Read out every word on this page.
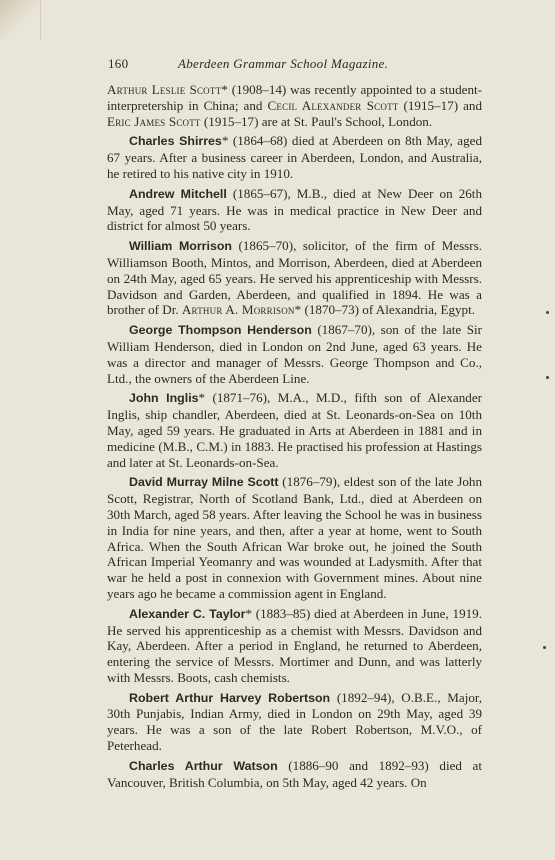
160	Aberdeen Grammar School Magazine.

Arthur Leslie Scott* (1908–14) was recently appointed to a student-interpretership in China; and Cecil Alexander Scott (1915–17) and Eric James Scott (1915–17) are at St. Paul's School, London.

Charles Shirres* (1864–68) died at Aberdeen on 8th May, aged 67 years. After a business career in Aberdeen, London, and Australia, he retired to his native city in 1910.

Andrew Mitchell (1865–67), M.B., died at New Deer on 26th May, aged 71 years. He was in medical practice in New Deer and district for almost 50 years.

William Morrison (1865–70), solicitor, of the firm of Messrs. Williamson Booth, Mintos, and Morrison, Aberdeen, died at Aberdeen on 24th May, aged 65 years. He served his apprenticeship with Messrs. Davidson and Garden, Aberdeen, and qualified in 1894. He was a brother of Dr. Arthur A. Morrison* (1870–73) of Alexandria, Egypt.

George Thompson Henderson (1867–70), son of the late Sir William Henderson, died in London on 2nd June, aged 63 years. He was a director and manager of Messrs. George Thompson and Co., Ltd., the owners of the Aberdeen Line.

John Inglis* (1871–76), M.A., M.D., fifth son of Alexander Inglis, ship chandler, Aberdeen, died at St. Leonards-on-Sea on 10th May, aged 59 years. He graduated in Arts at Aberdeen in 1881 and in medicine (M.B., C.M.) in 1883. He practised his profession at Hastings and later at St. Leonards-on-Sea.

David Murray Milne Scott (1876–79), eldest son of the late John Scott, Registrar, North of Scotland Bank, Ltd., died at Aberdeen on 30th March, aged 58 years. After leaving the School he was in business in India for nine years, and then, after a year at home, went to South Africa. When the South African War broke out, he joined the South African Imperial Yeomanry and was wounded at Ladysmith. After that war he held a post in connexion with Government mines. About nine years ago he became a commission agent in England.

Alexander C. Taylor* (1883–85) died at Aberdeen in June, 1919. He served his apprenticeship as a chemist with Messrs. Davidson and Kay, Aberdeen. After a period in England, he returned to Aberdeen, entering the service of Messrs. Mortimer and Dunn, and was latterly with Messrs. Boots, cash chemists.

Robert Arthur Harvey Robertson (1892–94), O.B.E., Major, 30th Punjabis, Indian Army, died in London on 29th May, aged 39 years. He was a son of the late Robert Robertson, M.V.O., of Peterhead.

Charles Arthur Watson (1886–90 and 1892–93) died at Vancouver, British Columbia, on 5th May, aged 42 years. On
